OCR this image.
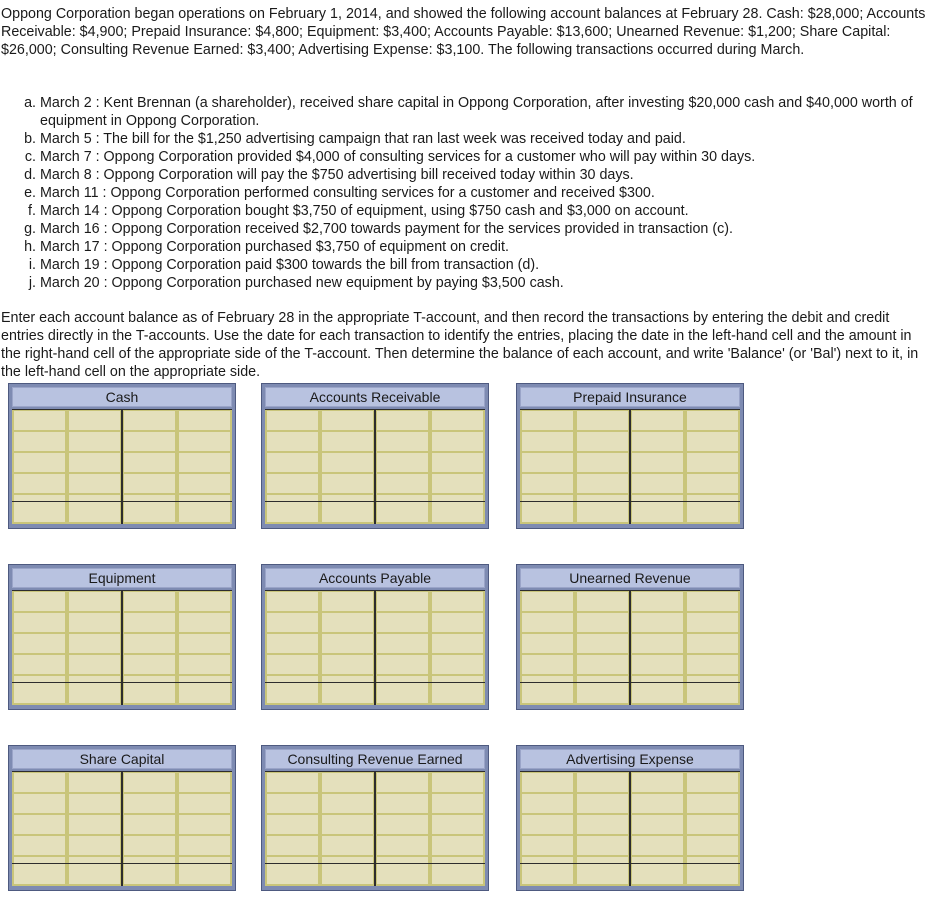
Oppong Corporation began operations on February 1, 2014, and showed the following account balances at February 28. Cash: $28,000; Accounts Receivable: $4,900; Prepaid Insurance: $4,800; Equipment: $3,400; Accounts Payable: $13,600; Unearned Revenue: $1,200; Share Capital: $26,000; Consulting Revenue Earned: $3,400; Advertising Expense: $3,100. The following transactions occurred during March.
a. March 2 : Kent Brennan (a shareholder), received share capital in Oppong Corporation, after investing $20,000 cash and $40,000 worth of equipment in Oppong Corporation.
b. March 5 : The bill for the $1,250 advertising campaign that ran last week was received today and paid.
c. March 7 : Oppong Corporation provided $4,000 of consulting services for a customer who will pay within 30 days.
d. March 8 : Oppong Corporation will pay the $750 advertising bill received today within 30 days.
e. March 11 : Oppong Corporation performed consulting services for a customer and received $300.
f. March 14 : Oppong Corporation bought $3,750 of equipment, using $750 cash and $3,000 on account.
g. March 16 : Oppong Corporation received $2,700 towards payment for the services provided in transaction (c).
h. March 17 : Oppong Corporation purchased $3,750 of equipment on credit.
i. March 19 : Oppong Corporation paid $300 towards the bill from transaction (d).
j. March 20 : Oppong Corporation purchased new equipment by paying $3,500 cash.
Enter each account balance as of February 28 in the appropriate T-account, and then record the transactions by entering the debit and credit entries directly in the T-accounts. Use the date for each transaction to identify the entries, placing the date in the left-hand cell and the amount in the right-hand cell of the appropriate side of the T-account. Then determine the balance of each account, and write 'Balance' (or 'Bal') next to it, in the left-hand cell on the appropriate side.
Cash	Accounts Receivable	Prepaid Insurance
Equipment	Accounts Payable	Unearned Revenue
Share Capital	Consulting Revenue Earned	Advertising Expense
